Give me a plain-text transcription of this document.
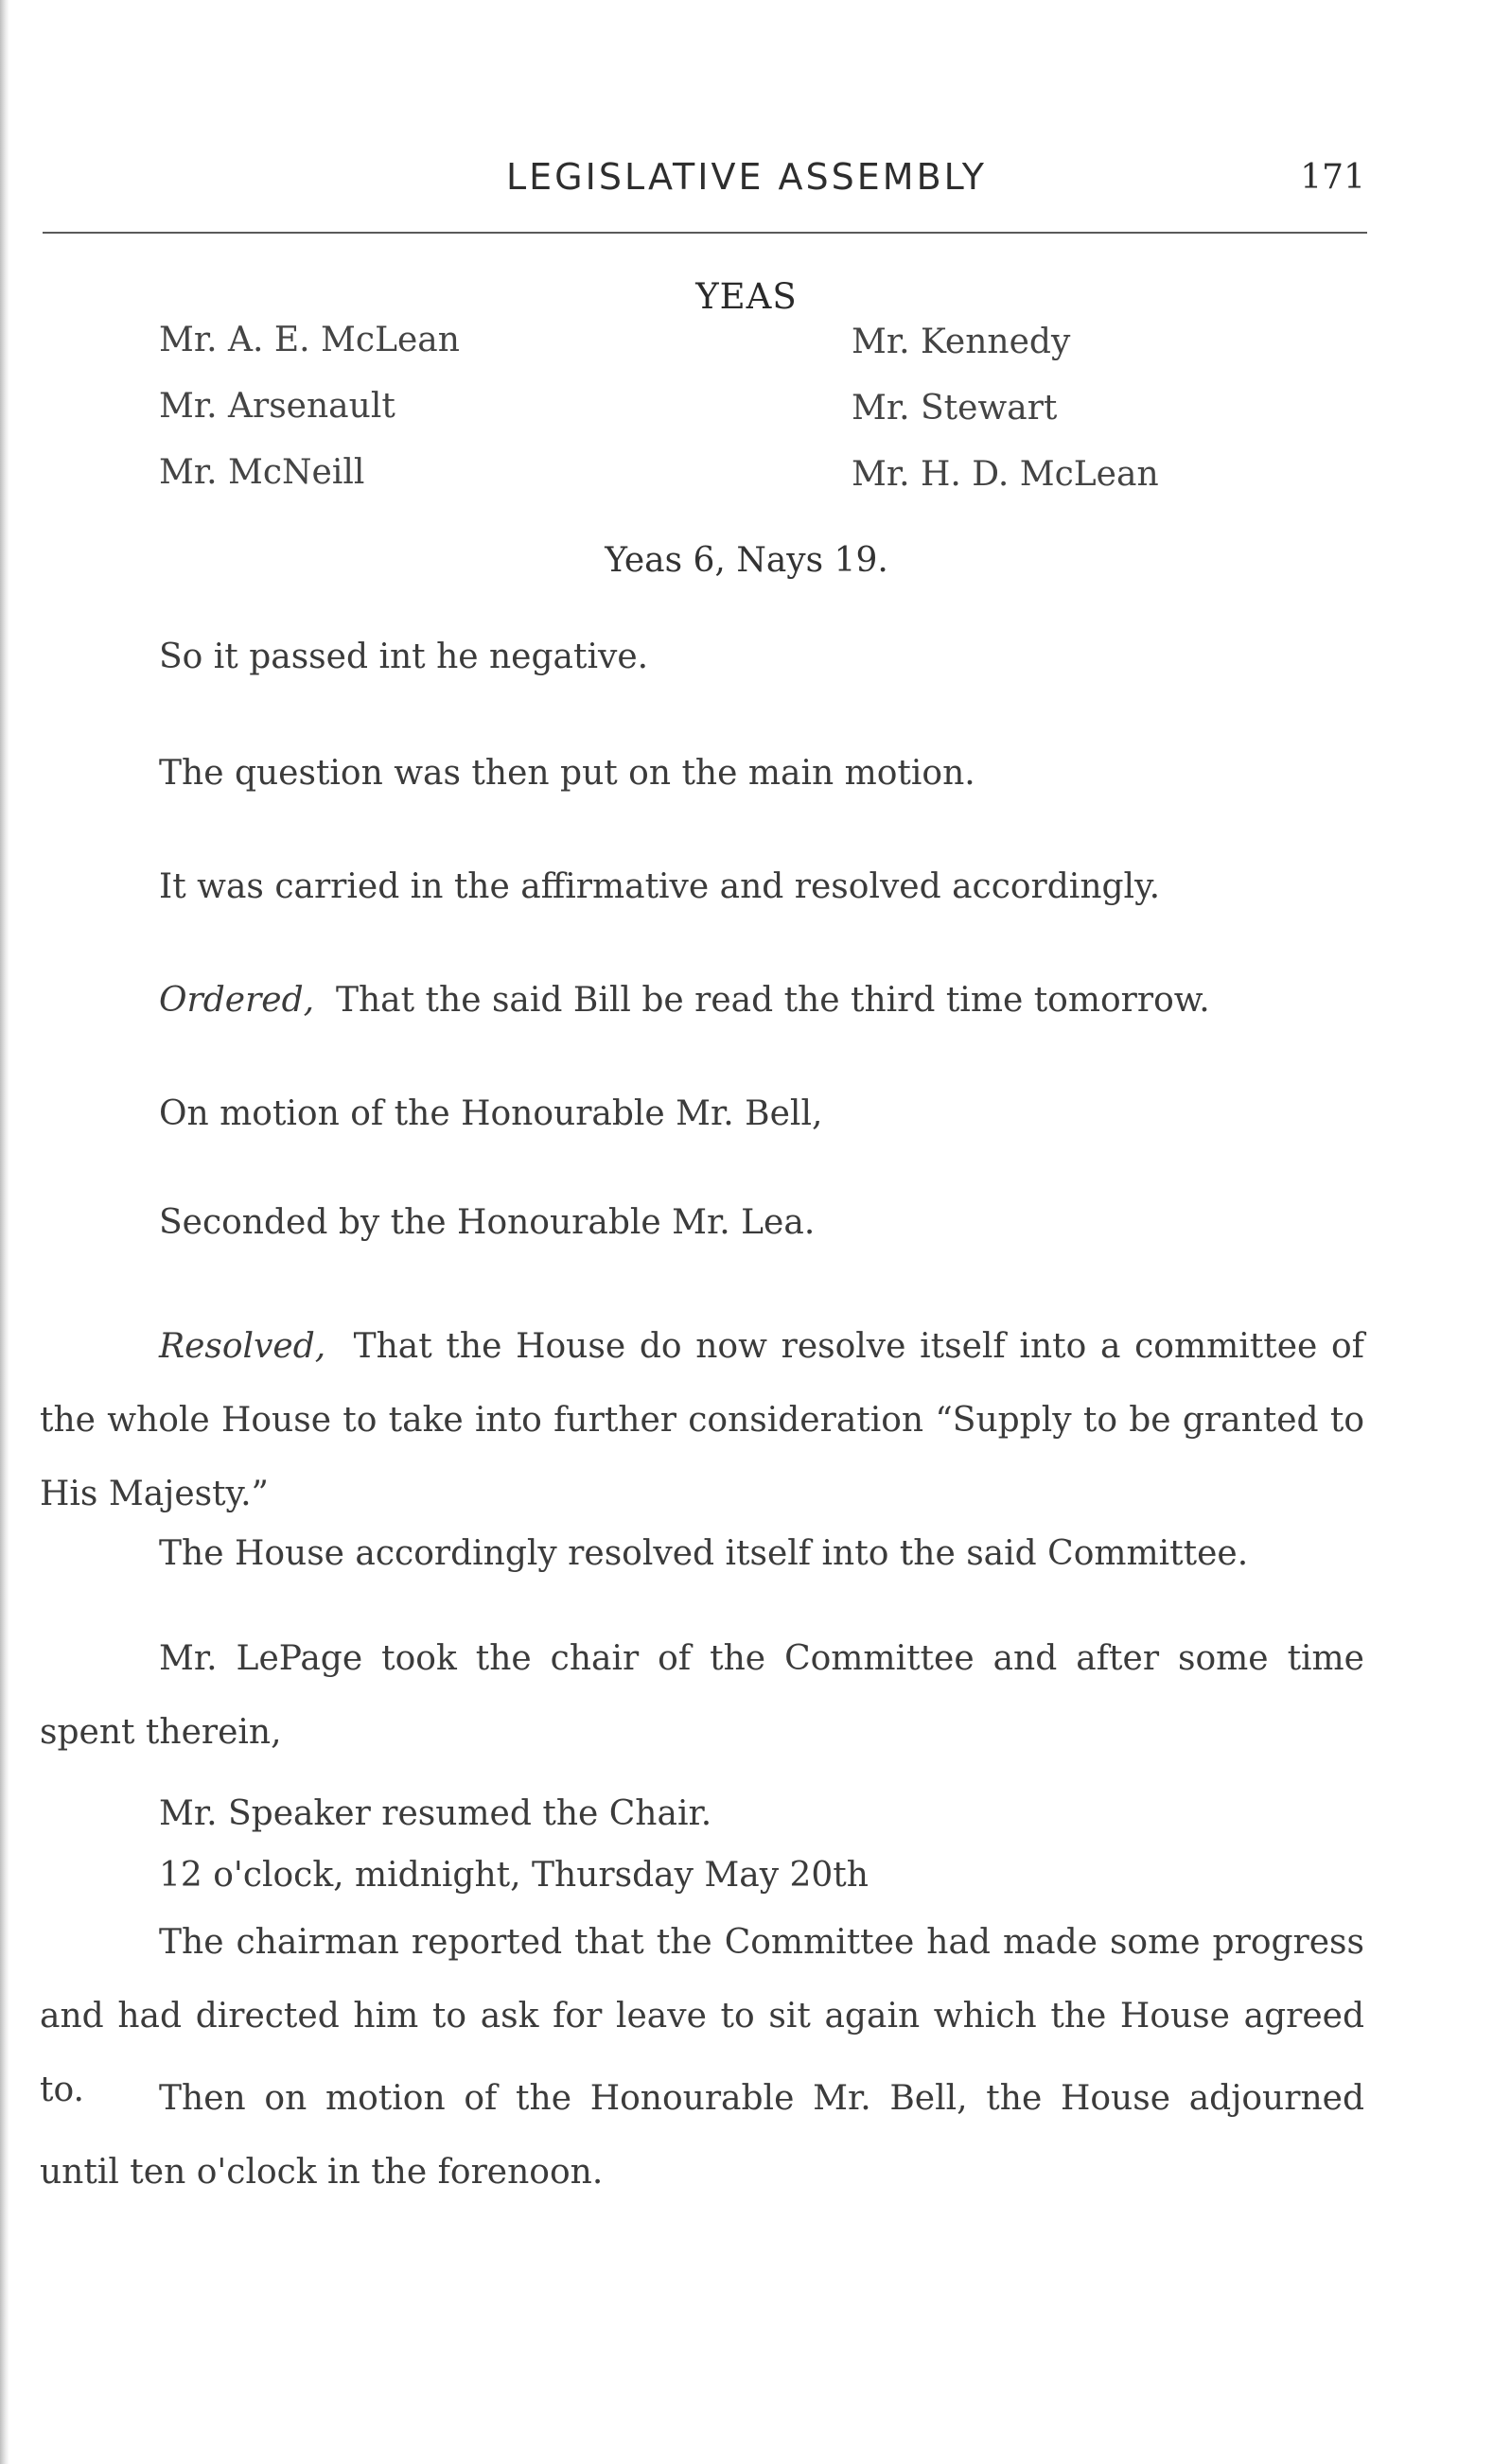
LEGISLATIVE ASSEMBLY	171
YEAS
Mr. A. E. McLean
Mr. Arsenault
Mr. McNeill
Mr. Kennedy
Mr. Stewart
Mr. H. D. McLean
Yeas 6, Nays 19.
So it passed int he negative.
The question was then put on the main motion.
It was carried in the affirmative and resolved accordingly.
Ordered, That the said Bill be read the third time tomorrow.
On motion of the Honourable Mr. Bell,
Seconded by the Honourable Mr. Lea.
Resolved, That the House do now resolve itself into a committee of the whole House to take into further consideration “Supply to be granted to His Majesty.”
The House accordingly resolved itself into the said Committee.
Mr. LePage took the chair of the Committee and after some time spent therein,
Mr. Speaker resumed the Chair.
12 o'clock, midnight, Thursday May 20th
The chairman reported that the Committee had made some progress and had directed him to ask for leave to sit again which the House agreed to.	Then on motion of the Honourable Mr. Bell, the House adjourned until ten o'clock in the forenoon.
